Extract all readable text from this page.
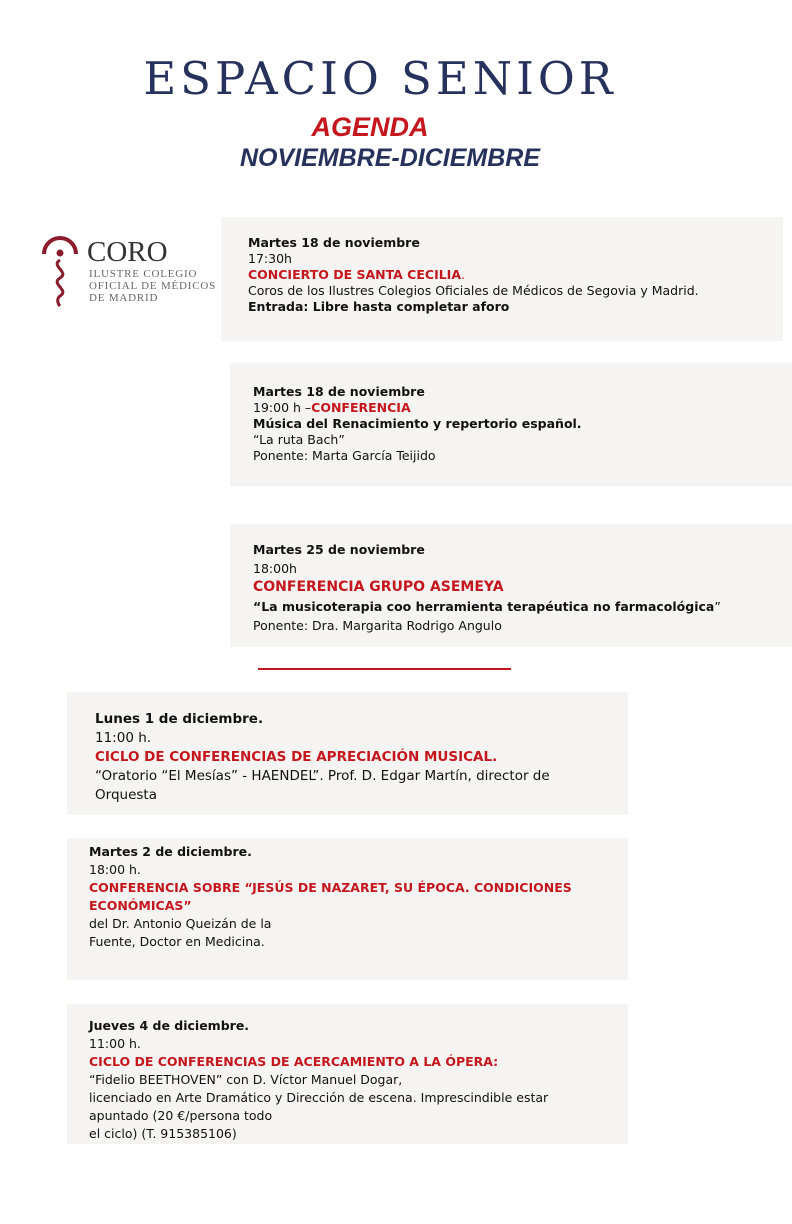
ESPACIO SENIOR
AGENDA
NOVIEMBRE-DICIEMBRE
CORO
ILUSTRE COLEGIO
OFICIAL DE MÉDICOS
DE MADRID
Martes 18 de noviembre
17:30h
CONCIERTO DE SANTA CECILIA.
Coros de los Ilustres Colegios Oficiales de Médicos de Segovia y Madrid.
Entrada: Libre hasta completar aforo
Martes 18 de noviembre
19:00 h –CONFERENCIA
Música del Renacimiento y repertorio español.
“La ruta Bach”
Ponente: Marta García Teijido
Martes 25 de noviembre
18:00h
CONFERENCIA GRUPO ASEMEYA
“La musicoterapia coo herramienta terapéutica no farmacológica”
Ponente: Dra. Margarita Rodrigo Angulo
Lunes 1 de diciembre.
11:00 h.
CICLO DE CONFERENCIAS DE APRECIACIÓN MUSICAL.
“Oratorio “El Mesías” - HAENDEL”. Prof. D. Edgar Martín, director de
Orquesta
Martes 2 de diciembre.
18:00 h.
CONFERENCIA SOBRE “JESÚS DE NAZARET, SU ÉPOCA. CONDICIONES
ECONÓMICAS”
del Dr. Antonio Queizán de la
Fuente, Doctor en Medicina.
Jueves 4 de diciembre.
11:00 h.
CICLO DE CONFERENCIAS DE ACERCAMIENTO A LA ÓPERA:
“Fidelio BEETHOVEN” con D. Víctor Manuel Dogar,
licenciado en Arte Dramático y Dirección de escena. Imprescindible estar
apuntado (20 €/persona todo
el ciclo) (T. 915385106)
